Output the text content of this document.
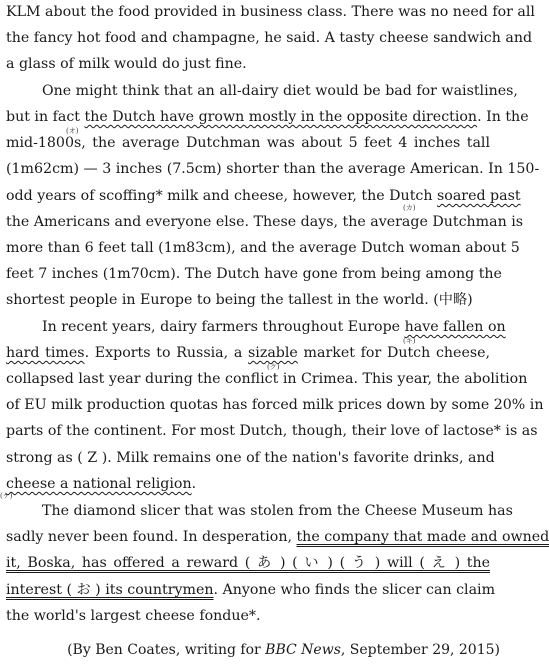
KLM about the food provided in business class. There was no need for all
the fancy hot food and champagne, he said. A tasty cheese sandwich and
a glass of milk would do just fine.
One might think that an all-dairy diet would be bad for waistlines,
but in fact the Dutch have grown mostly in the opposite direction. In the
(オ)
mid-1800s, the average Dutchman was about 5 feet 4 inches tall
(1m62cm) — 3 inches (7.5cm) shorter than the average American. In 150-
odd years of scoffing* milk and cheese, however, the Dutch soared past
(カ)
the Americans and everyone else. These days, the average Dutchman is
more than 6 feet tall (1m83cm), and the average Dutch woman about 5
feet 7 inches (1m70cm). The Dutch have gone from being among the
shortest people in Europe to being the tallest in the world. (中略)
In recent years, dairy farmers throughout Europe have fallen on
(キ)
hard times. Exports to Russia, a sizable market for Dutch cheese,
(ク)
collapsed last year during the conflict in Crimea. This year, the abolition
of EU milk production quotas has forced milk prices down by some 20% in
parts of the continent. For most Dutch, though, their love of lactose* is as
strong as ( Z ). Milk remains one of the nation's favorite drinks, and
cheese a national religion.
(ケ)
The diamond slicer that was stolen from the Cheese Museum has
sadly never been found. In desperation, the company that made and owned
it, Boska, has offered a reward ( あ ) ( い ) ( う ) will ( え ) the
interest ( お ) its countrymen. Anyone who finds the slicer can claim
the world's largest cheese fondue*.
(By Ben Coates, writing for BBC News, September 29, 2015)
